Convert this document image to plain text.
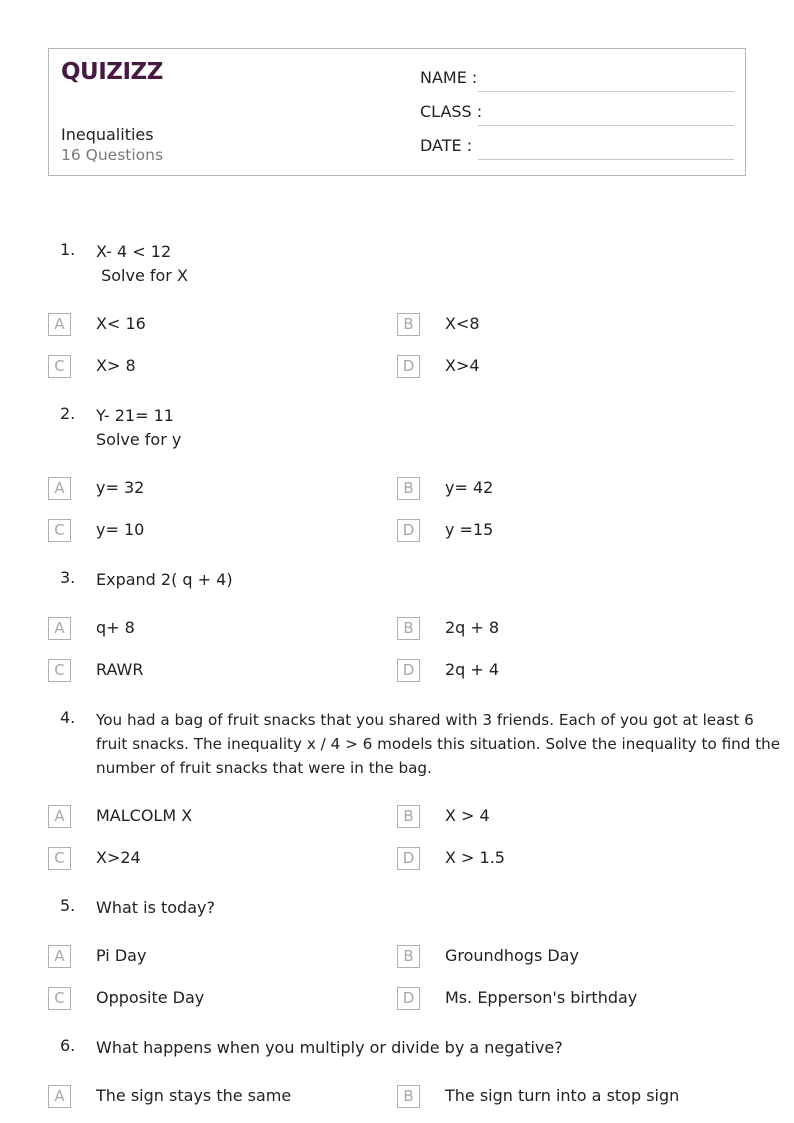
QUIZIZZ
Inequalities
16 Questions
NAME :
CLASS :
DATE :
1. X- 4 < 12
Solve for X
A	X< 16	B	X<8
C	X> 8	D	X>4
2. Y- 21= 11
Solve for y
A	y= 32	B	y= 42
C	y= 10	D	y =15
3. Expand 2( q + 4)
A	q+ 8	B	2q + 8
C	RAWR	D	2q + 4
4. You had a bag of fruit snacks that you shared with 3 friends. Each of you got at least 6
fruit snacks. The inequality x / 4 > 6 models this situation. Solve the inequality to find the
number of fruit snacks that were in the bag.
A	MALCOLM X	B	X > 4
C	X>24	D	X > 1.5
5. What is today?
A	Pi Day	B	Groundhogs Day
C	Opposite Day	D	Ms. Epperson's birthday
6. What happens when you multiply or divide by a negative?
A	The sign stays the same	B	The sign turn into a stop sign
